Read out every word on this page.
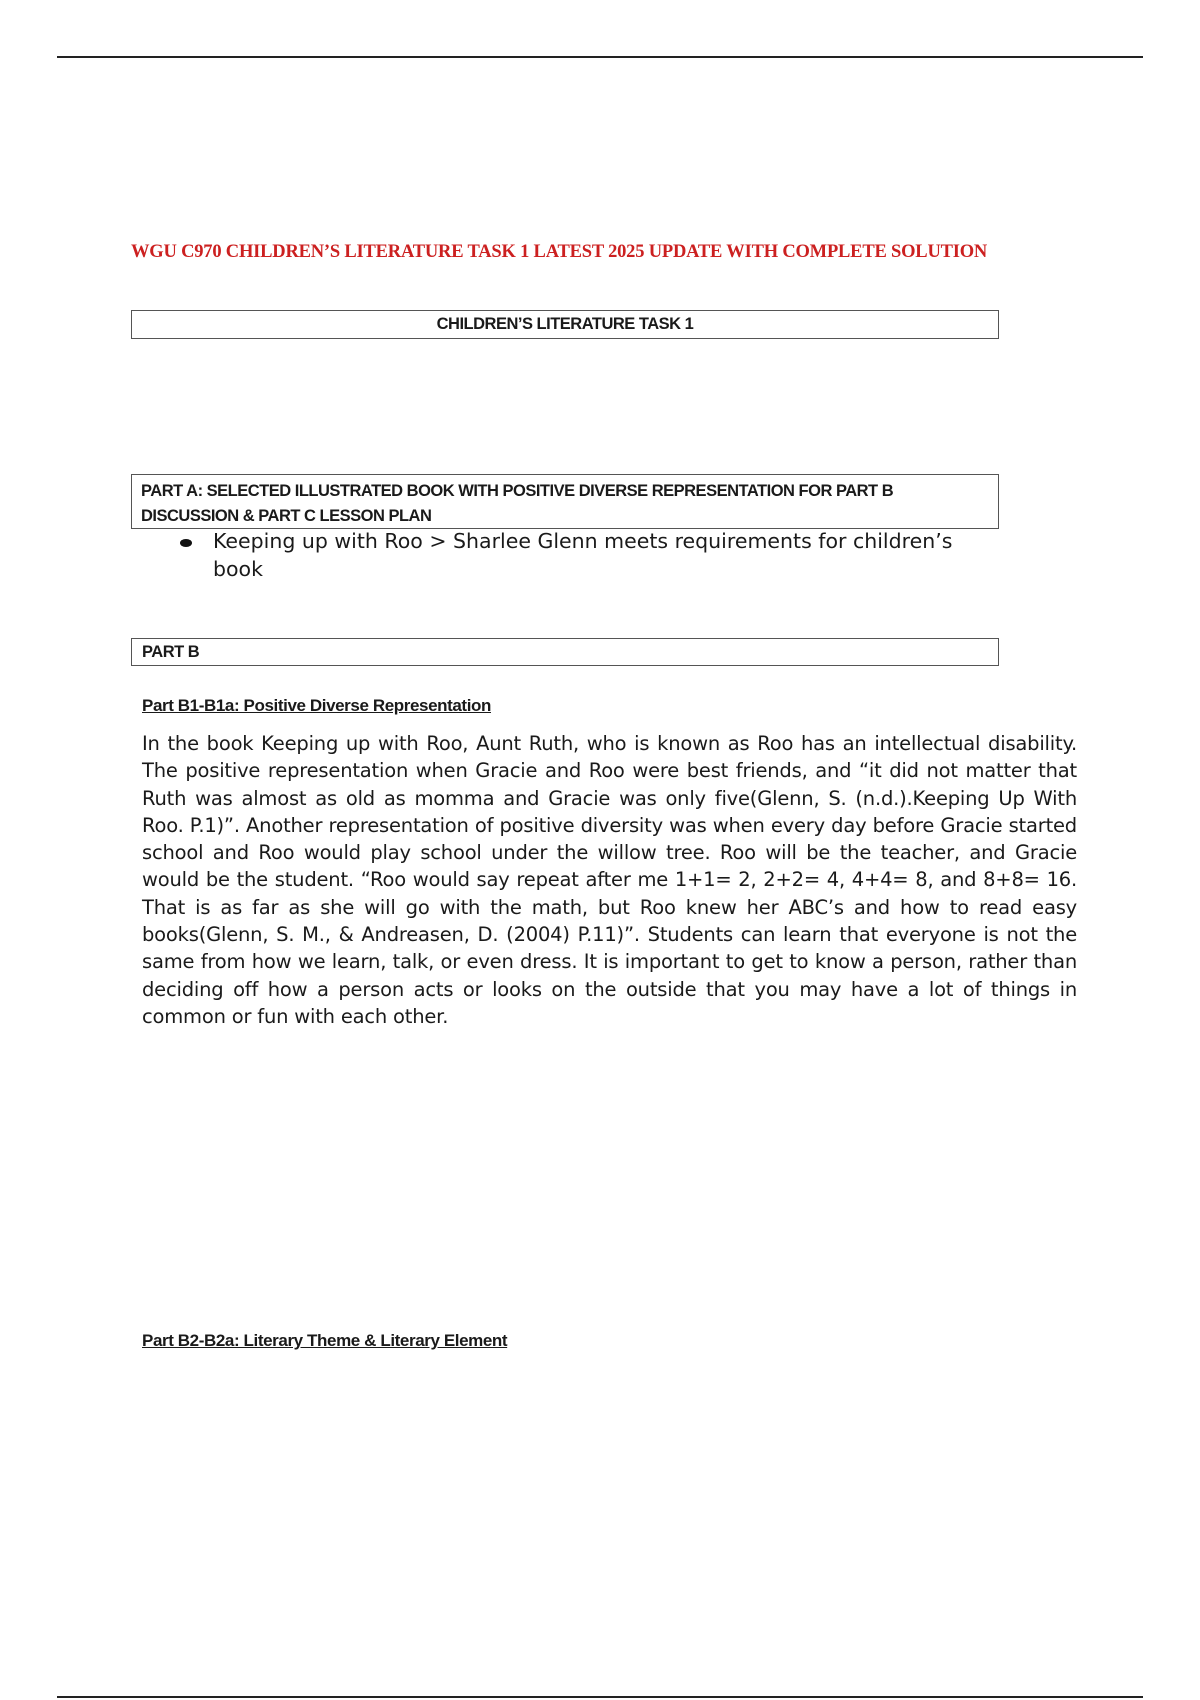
WGU C970 CHILDREN’S LITERATURE TASK 1 LATEST 2025 UPDATE WITH COMPLETE SOLUTION
CHILDREN’S LITERATURE TASK 1
PART A: SELECTED ILLUSTRATED BOOK WITH POSITIVE DIVERSE REPRESENTATION FOR PART B
DISCUSSION & PART C LESSON PLAN
Keeping up with Roo > Sharlee Glenn meets requirements for children’s book
PART B
Part B1-B1a: Positive Diverse Representation

In the book Keeping up with Roo, Aunt Ruth, who is known as Roo has an intellectual disability. The positive representation when Gracie and Roo were best friends, and “it did not matter that Ruth was almost as old as momma and Gracie was only five(Glenn, S. (n.d.).Keeping Up With Roo. P.1)”. Another representation of positive diversity was when every day before Gracie started school and Roo would play school under the willow tree. Roo will be the teacher, and Gracie would be the student. “Roo would say repeat after me 1+1= 2, 2+2= 4, 4+4= 8, and 8+8= 16. That is as far as she will go with the math, but Roo knew her ABC’s and how to read easy books(Glenn, S. M., & Andreasen, D. (2004) P.11)”. Students can learn that everyone is not the same from how we learn, talk, or even dress. It is important to get to know a person, rather than deciding off how a person acts or looks on the outside that you may have a lot of things in common or fun with each other.

Part B2-B2a: Literary Theme & Literary Element
